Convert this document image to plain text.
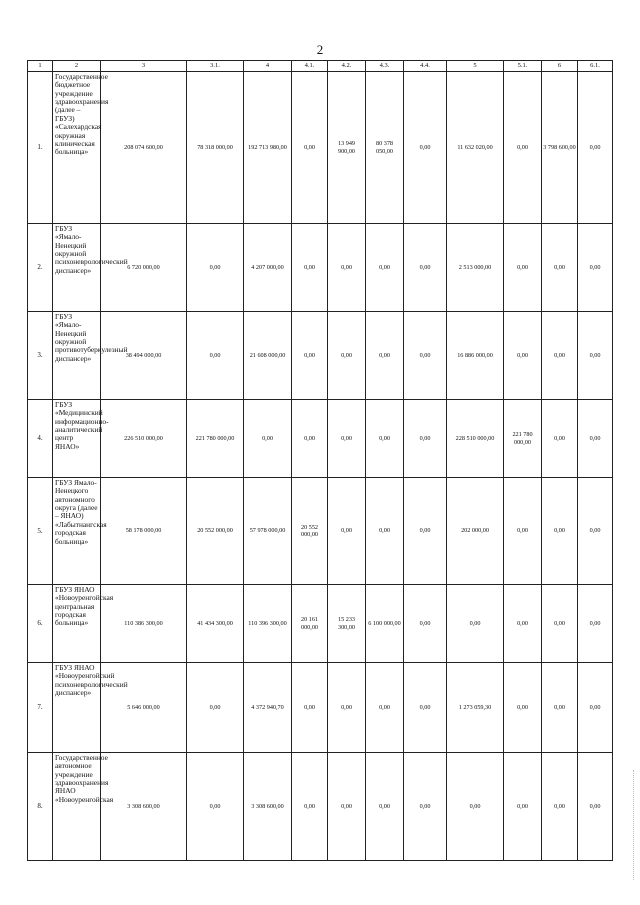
2
1	2	3	3.1.	4	4.1.	4.2.	4.3.	4.4.	5	5.1.	6	6.1.
1.	Государственное бюджетное учреждение здравоохранения (далее – ГБУЗ) «Салехардская окружная клиническая больница»	208 074 600,00	78 318 000,00	192 713 980,00	0,00	13 949 900,00	80 378 050,00	0,00	11 632 020,00	0,00	3 798 600,00	0,00
2.	ГБУЗ «Ямало-Ненецкий окружной психоневрологический диспансер»	6 720 000,00	0,00	4 207 000,00	0,00	0,00	0,00	0,00	2 513 000,00	0,00	0,00	0,00
3.	ГБУЗ «Ямало-Ненецкий окружной противотуберкулезный диспансер»	38 494 000,00	0,00	21 608 000,00	0,00	0,00	0,00	0,00	16 886 000,00	0,00	0,00	0,00
4.	ГБУЗ «Медицинский информационно-аналитический центр ЯНАО»	226 510 000,00	221 780 000,00	0,00	0,00	0,00	0,00	0,00	228 510 000,00	221 780 000,00	0,00	0,00
5.	ГБУЗ Ямало-Ненецкого автономного округа (далее – ЯНАО) «Лабытнангская городская больница»	58 178 000,00	20 552 000,00	57 978 000,00	20 552 000,00	0,00	0,00	0,00	202 000,00	0,00	0,00	0,00
6.	ГБУЗ ЯНАО «Новоуренгойская центральная городская больница»	110 386 300,00	41 434 300,00	110 396 300,00	20 161 000,00	15 233 300,00	6 100 000,00	0,00	0,00	0,00	0,00	0,00
7.	ГБУЗ ЯНАО «Новоуренгойский психоневрологический диспансер»	5 646 000,00	0,00	4 372 940,70	0,00	0,00	0,00	0,00	1 273 059,30	0,00	0,00	0,00
8.	Государственное автономное учреждение здравоохранения ЯНАО «Новоуренгойская	3 308 600,00	0,00	3 308 600,00	0,00	0,00	0,00	0,00	0,00	0,00	0,00	0,00
